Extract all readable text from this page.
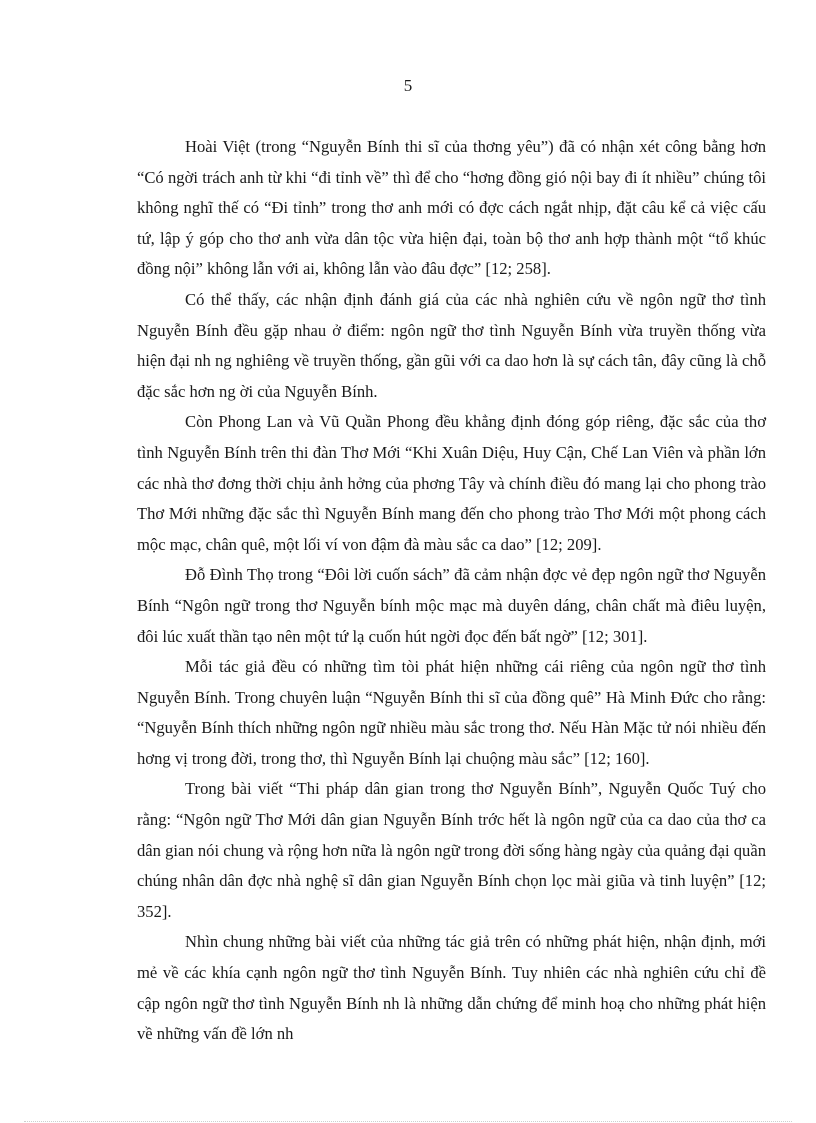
5

Hoài Việt (trong “Nguyễn Bính thi sĩ của thơng yêu”) đã có nhận xét công bằng hơn “Có ngời trách anh từ khi “đi tỉnh về” thì để cho “hơng đồng gió nội bay đi ít nhiều” chúng tôi không nghĩ thế có “Đi tỉnh” trong thơ anh mới có đợc cách ngắt nhịp, đặt câu kể cả việc cấu tứ, lập ý góp cho thơ anh vừa dân tộc vừa hiện đại, toàn bộ thơ anh hợp thành một “tổ khúc đồng nội” không lẫn với ai, không lẫn vào đâu đợc” [12; 258].

Có thể thấy, các nhận định đánh giá của các nhà nghiên cứu về ngôn ngữ thơ tình Nguyễn Bính đều gặp nhau ở điểm: ngôn ngữ thơ tình Nguyễn Bính vừa truyền thống vừa hiện đại nh ng nghiêng về truyền thống, gần gũi với ca dao hơn là sự cách tân, đây cũng là chỗ đặc sắc hơn ng ời của Nguyễn Bính.

Còn Phong Lan và Vũ Quần Phong đều khẳng định đóng góp riêng, đặc sắc của thơ tình Nguyễn Bính trên thi đàn Thơ Mới “Khi Xuân Diệu, Huy Cận, Chế Lan Viên và phần lớn các nhà thơ đơng thời chịu ảnh hởng của phơng Tây và chính điều đó mang lại cho phong trào Thơ Mới những đặc sắc thì Nguyễn Bính mang đến cho phong trào Thơ Mới một phong cách mộc mạc, chân quê, một lối ví von đậm đà màu sắc ca dao” [12; 209].

Đỗ Đình Thọ trong “Đôi lời cuốn sách” đã cảm nhận đợc vẻ đẹp ngôn ngữ thơ Nguyễn Bính “Ngôn ngữ trong thơ Nguyễn bính mộc mạc mà duyên dáng, chân chất mà điêu luyện, đôi lúc xuất thần tạo nên một tứ lạ cuốn hút ngời đọc đến bất ngờ” [12; 301].

Mỗi tác giả đều có những tìm tòi phát hiện những cái riêng của ngôn ngữ thơ tình Nguyễn Bính. Trong chuyên luận “Nguyễn Bính thi sĩ của đồng quê” Hà Minh Đức cho rằng: “Nguyễn Bính thích những ngôn ngữ nhiều màu sắc trong thơ. Nếu Hàn Mặc tử nói nhiều đến hơng vị trong đời, trong thơ, thì Nguyễn Bính lại chuộng màu sắc” [12; 160].

Trong bài viết “Thi pháp dân gian trong thơ Nguyễn Bính”, Nguyễn Quốc Tuý cho rằng: “Ngôn ngữ Thơ Mới dân gian Nguyễn Bính trớc hết là ngôn ngữ của ca dao của thơ ca dân gian nói chung và rộng hơn nữa là ngôn ngữ trong đời sống hàng ngày của quảng đại quần chúng nhân dân đợc nhà nghệ sĩ dân gian Nguyễn Bính chọn lọc mài giũa và tinh luyện” [12; 352].

Nhìn chung những bài viết của những tác giả trên có những phát hiện, nhận định, mới mẻ về các khía cạnh ngôn ngữ thơ tình Nguyễn Bính. Tuy nhiên các nhà nghiên cứu chỉ đề cập ngôn ngữ thơ tình Nguyễn Bính nh là những dẫn chứng để minh hoạ cho những phát hiện về những vấn đề lớn nh
